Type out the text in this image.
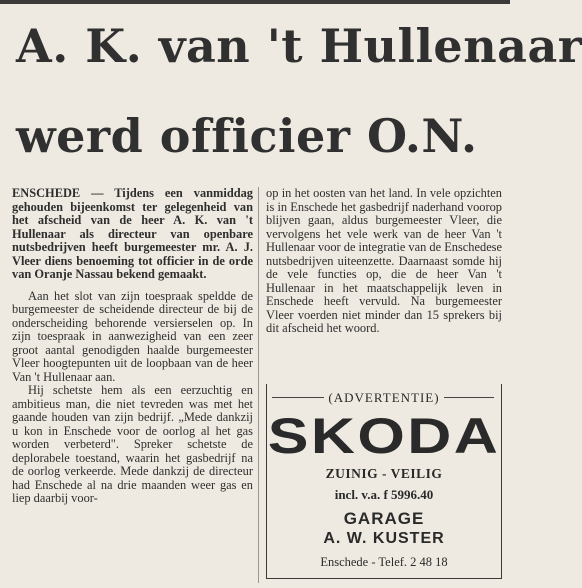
A. K. van 't Hullenaar
werd officier O.N.

ENSCHEDE — Tijdens een vanmiddag gehouden bijeenkomst ter gelegenheid van het afscheid van de heer A. K. van 't Hullenaar als directeur van openbare nutsbedrijven heeft burgemeester mr. A. J. Vleer diens benoeming tot officier in de orde van Oranje Nassau bekend gemaakt.

Aan het slot van zijn toespraak speldde de burgemeester de scheidende directeur de bij de onderscheiding behorende versierselen op. In zijn toespraak in aanwezigheid van een zeer groot aantal genodigden haalde burgemeester Vleer hoogtepunten uit de loopbaan van de heer Van 't Hullenaar aan.

Hij schetste hem als een eerzuchtig en ambitieus man, die niet tevreden was met het gaande houden van zijn bedrijf. „Mede dankzij u kon in Enschede voor de oorlog al het gas worden verbeterd". Spreker schetste de deplorabele toestand, waarin het gasbedrijf na de oorlog verkeerde. Mede dankzij de directeur had Enschede al na drie maanden weer gas en liep daarbij voor-

op in het oosten van het land. In vele opzichten is in Enschede het gasbedrijf naderhand voorop blijven gaan, aldus burgemeester Vleer, die vervolgens het vele werk van de heer Van 't Hullenaar voor de integratie van de Enschedese nutsbedrijven uiteenzette. Daarnaast somde hij de vele functies op, die de heer Van 't Hullenaar in het maatschappelijk leven in Enschede heeft vervuld. Na burgemeester Vleer voerden niet minder dan 15 sprekers bij dit afscheid het woord.

(ADVERTENTIE)
SKODA
ZUINIG - VEILIG
incl. v.a. f 5996.40
GARAGE
A. W. KUSTER
Enschede - Telef. 2 48 18
